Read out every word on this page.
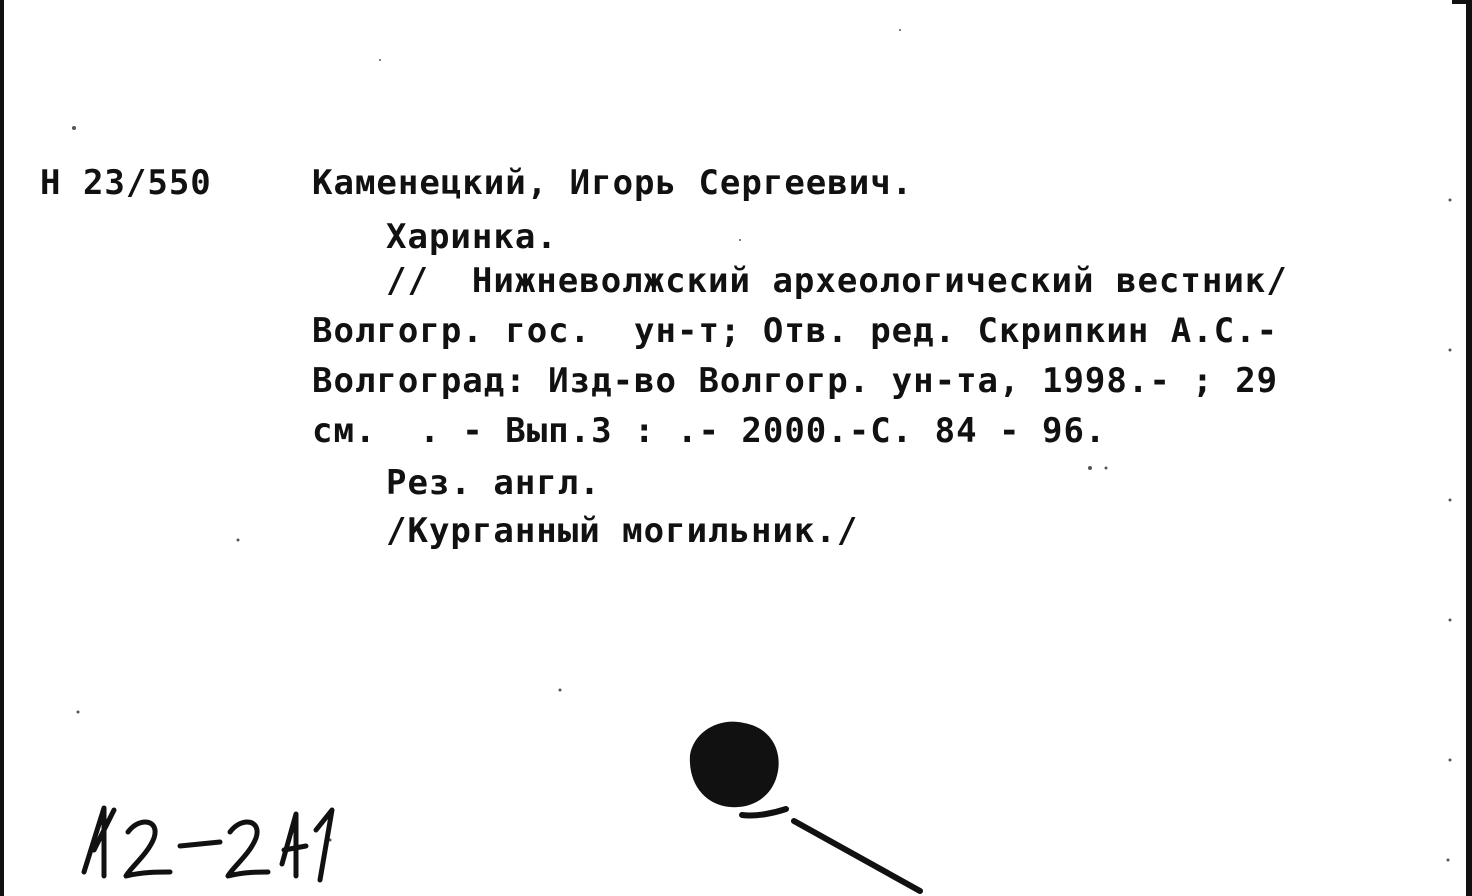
Н 23/550	Каменецкий, Игорь Сергеевич.
Харинка.
//  Нижневолжский археологический вестник/
Волгогр. гос.  ун-т; Отв. ред. Скрипкин А.С.-
Волгоград: Изд-во Волгогр. ун-та, 1998.- ; 29
см.  . - Вып.3 : .- 2000.-С. 84 - 96.
Рез. англ.
/Курганный могильник./
